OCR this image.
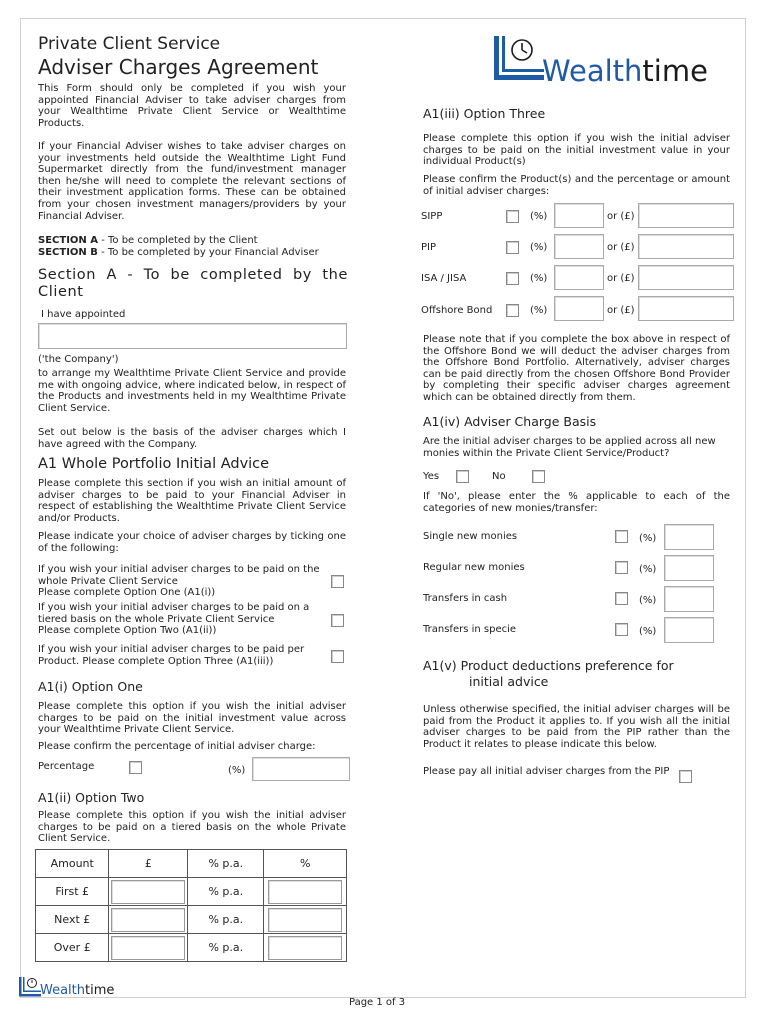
Private Client Service
Adviser Charges Agreement	Wealthtime

This Form should only be completed if you wish your appointed Financial Adviser to take adviser charges from your Wealthtime Private Client Service or Wealthtime Products.

If your Financial Adviser wishes to take adviser charges on your investments held outside the Wealthtime Light Fund Supermarket directly from the fund/investment manager then he/she will need to complete the relevant sections of their investment application forms. These can be obtained from your chosen investment managers/providers by your Financial Adviser.

SECTION A - To be completed by the Client
SECTION B - To be completed by your Financial Adviser
Section A - To be completed by the Client
I have appointed
('the Company')

to arrange my Wealthtime Private Client Service and provide me with ongoing advice, where indicated below, in respect of the Products and investments held in my Wealthtime Private Client Service.

Set out below is the basis of the adviser charges which I have agreed with the Company.

A1 Whole Portfolio Initial Advice

Please complete this section if you wish an initial amount of adviser charges to be paid to your Financial Adviser in respect of establishing the Wealthtime Private Client Service and/or Products.

Please indicate your choice of adviser charges by ticking one of the following:

If you wish your initial adviser charges to be paid on the whole Private Client Service
Please complete Option One (A1(i))

If you wish your initial adviser charges to be paid on a tiered basis on the whole Private Client Service
Please complete Option Two (A1(ii))

If you wish your initial adviser charges to be paid per Product. Please complete Option Three (A1(iii))

A1(i) Option One

Please complete this option if you wish the initial adviser charges to be paid on the initial investment value across your Wealthtime Private Client Service.

Please confirm the percentage of initial adviser charge:

Percentage	(%)
A1(ii) Option Two

Please complete this option if you wish the initial adviser charges to be paid on a tiered basis on the whole Private Client Service.

Amount	£	% p.a.	%
First £		% p.a.	

Next £		% p.a.	

Over £		% p.a.	
A1(iii) Option Three

Please complete this option if you wish the initial adviser charges to be paid on the initial investment value in your individual Product(s)

Please confirm the Product(s) and the percentage or amount of initial adviser charges:

SIPP	(%)	or (£)
PIP	(%)	or (£)
ISA / JISA	(%)	or (£)
Offshore Bond	(%)	or (£)

Please note that if you complete the box above in respect of the Offshore Bond we will deduct the adviser charges from the Offshore Bond Portfolio. Alternatively, adviser charges can be paid directly from the chosen Offshore Bond Provider by completing their specific adviser charges agreement which can be obtained directly from them.

A1(iv) Adviser Charge Basis

Are the initial adviser charges to be applied across all new monies within the Private Client Service/Product?

Yes	No

If 'No', please enter the % applicable to each of the categories of new monies/transfer:

Single new monies	(%)
Regular new monies	(%)
Transfers in cash	(%)
Transfers in specie	(%)
A1(v) Product deductions preference for
initial advice

Unless otherwise specified, the initial adviser charges will be paid from the Product it applies to. If you wish all the initial adviser charges to be paid from the PIP rather than the Product it relates to please indicate this below.

Please pay all initial adviser charges from the PIP

Wealthtime
Page 1 of 3
